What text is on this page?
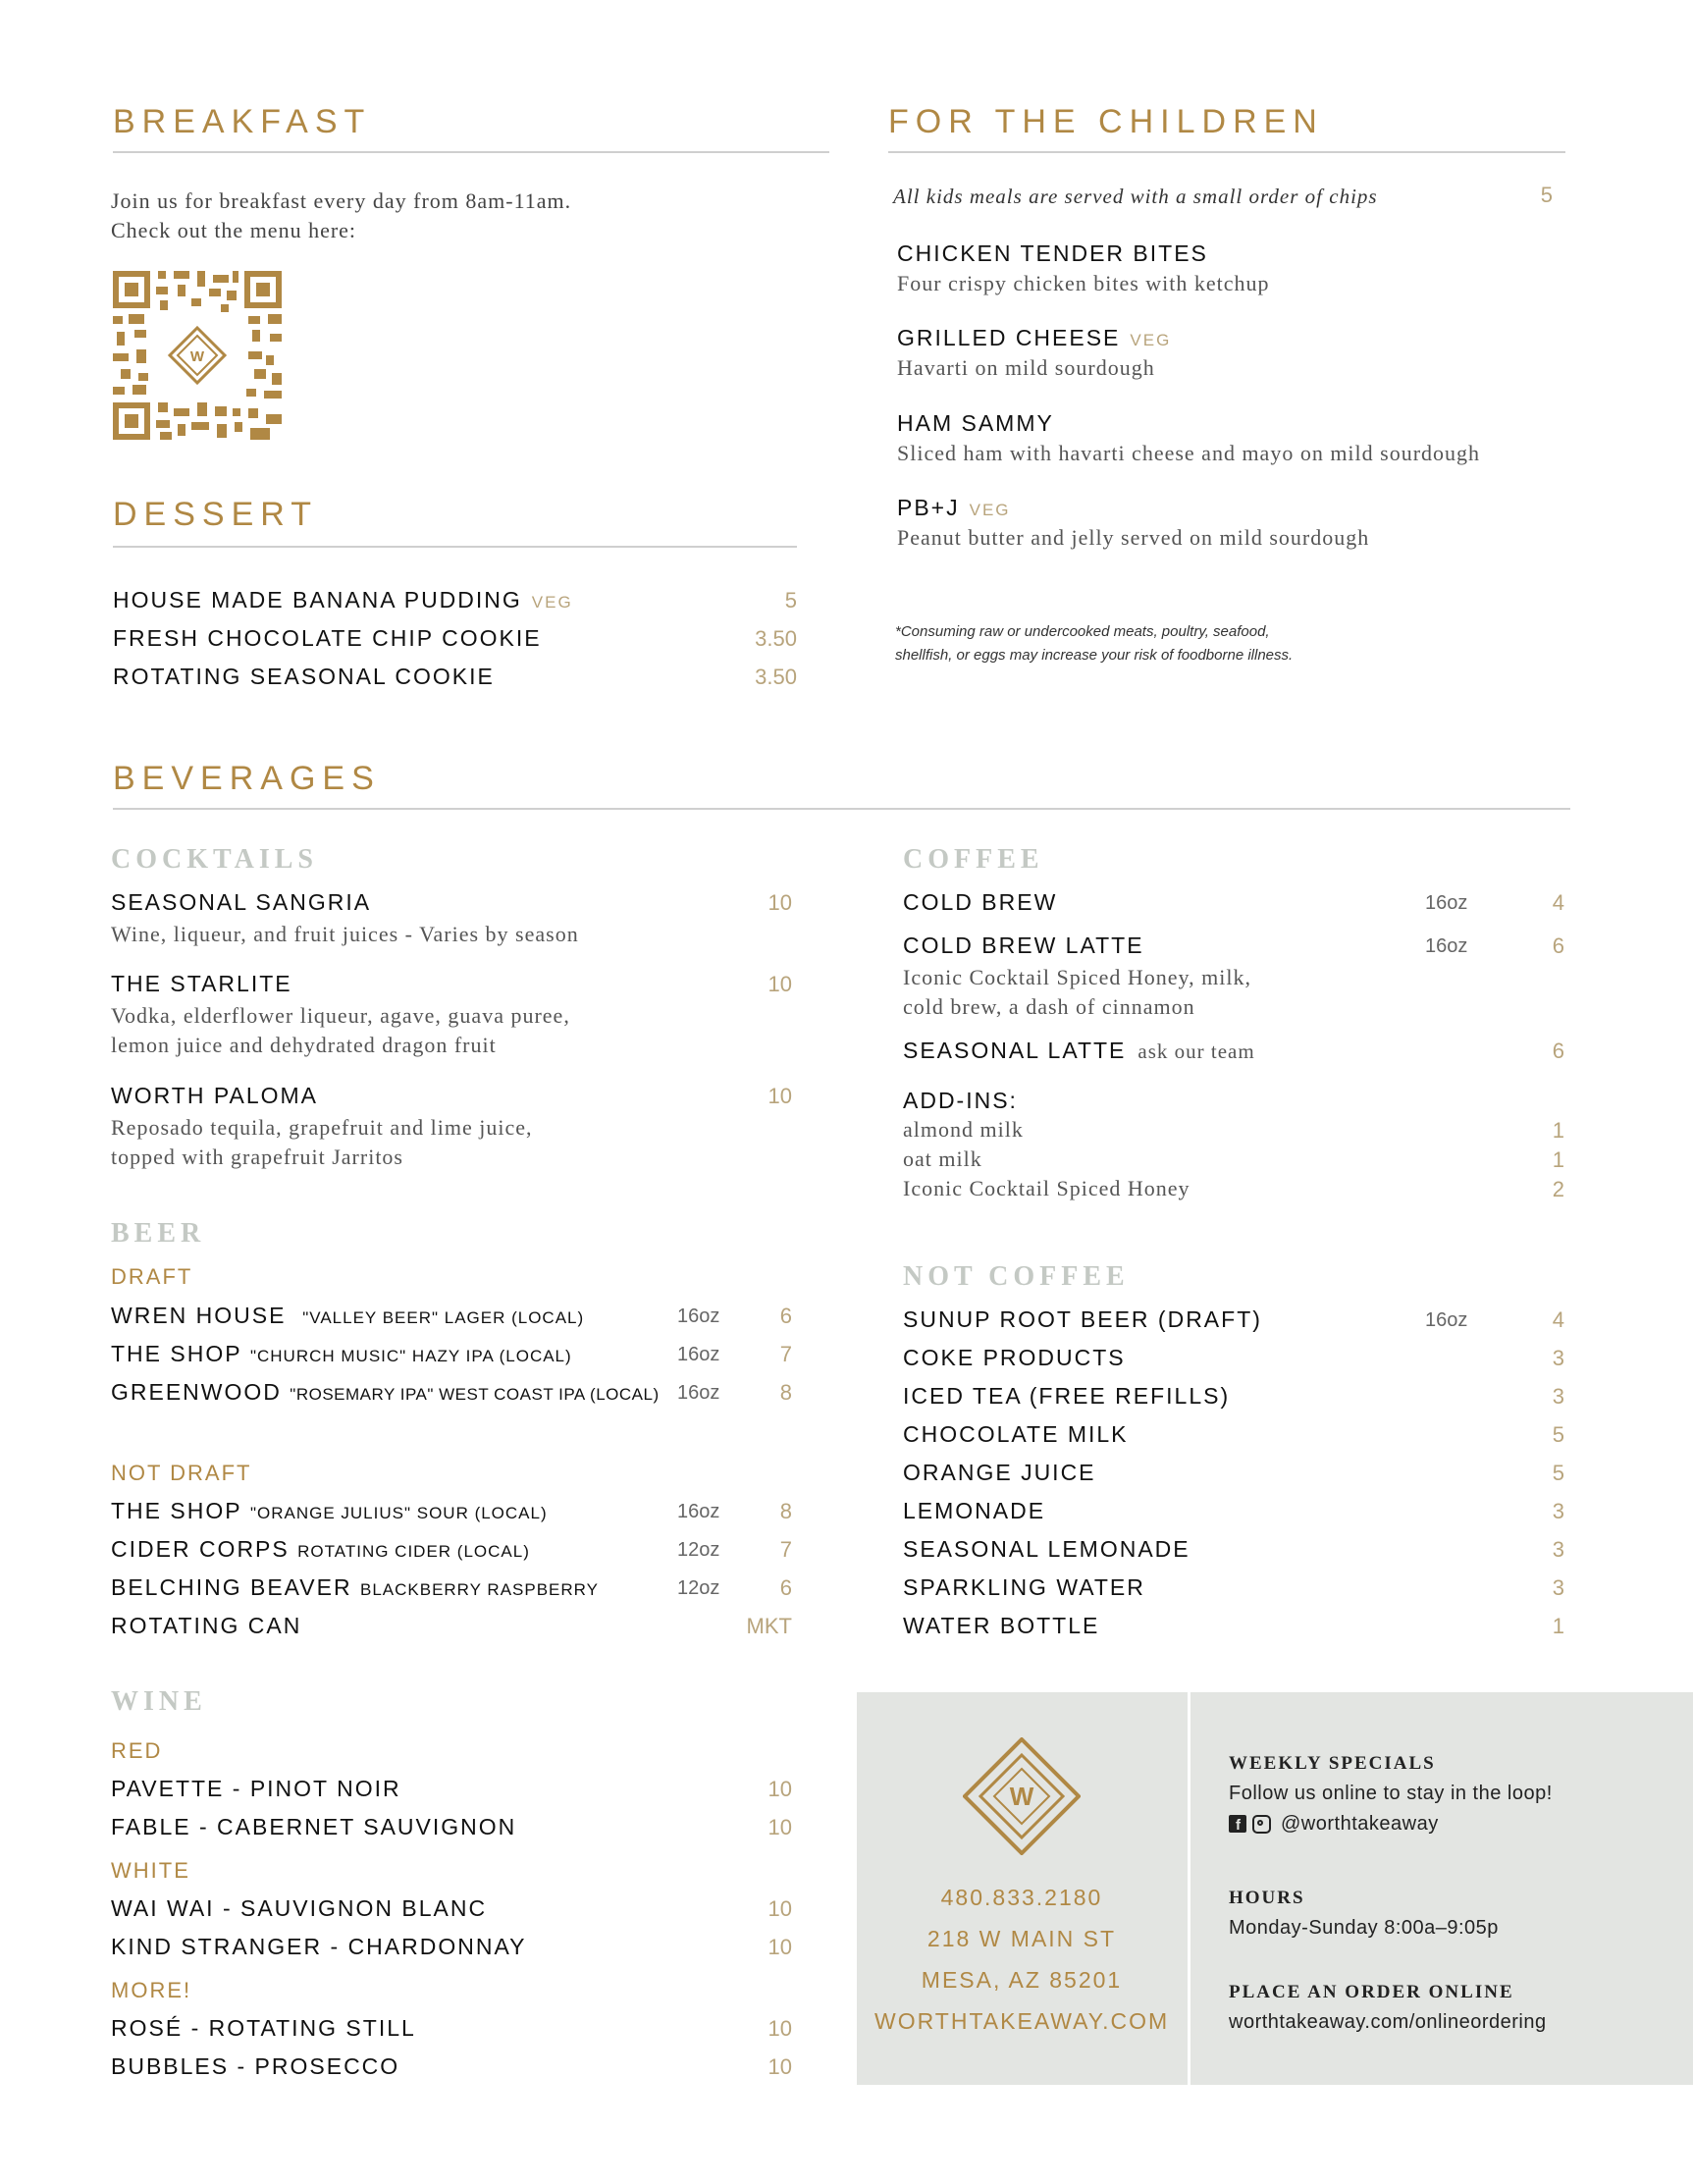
BREAKFAST
Join us for breakfast every day from 8am-11am.
Check out the menu here:
W
DESSERT
HOUSE MADE BANANA PUDDING VEG	5
FRESH CHOCOLATE CHIP COOKIE	3.50
ROTATING SEASONAL COOKIE	3.50
FOR THE CHILDREN
All kids meals are served with a small order of chips	5
CHICKEN TENDER BITES
Four crispy chicken bites with ketchup
GRILLED CHEESE VEG
Havarti on mild sourdough
HAM SAMMY
Sliced ham with havarti cheese and mayo on mild sourdough
PB+J VEG
Peanut butter and jelly served on mild sourdough
*Consuming raw or undercooked meats, poultry, seafood,
shellfish, or eggs may increase your risk of foodborne illness.
BEVERAGES
COCKTAILS
SEASONAL SANGRIA	10
Wine, liqueur, and fruit juices - Varies by season
THE STARLITE	10
Vodka, elderflower liqueur, agave, guava puree,
lemon juice and dehydrated dragon fruit
WORTH PALOMA	10
Reposado tequila, grapefruit and lime juice,
topped with grapefruit Jarritos
BEER
DRAFT
WREN HOUSE "VALLEY BEER" LAGER (LOCAL)	16oz	6
THE SHOP "CHURCH MUSIC" HAZY IPA (LOCAL)	16oz	7
GREENWOOD "ROSEMARY IPA" WEST COAST IPA (LOCAL) 16oz	8
NOT DRAFT
THE SHOP "ORANGE JULIUS" SOUR (LOCAL)	16oz	8
CIDER CORPS ROTATING CIDER (LOCAL)	12oz	7
BELCHING BEAVER BLACKBERRY RASPBERRY	12oz	6
ROTATING CAN	MKT
WINE
RED
PAVETTE - PINOT NOIR	10
FABLE - CABERNET SAUVIGNON	10
WHITE
WAI WAI - SAUVIGNON BLANC	10
KIND STRANGER - CHARDONNAY	10
MORE!
ROSÉ - ROTATING STILL	10
BUBBLES - PROSECCO	10
COFFEE
COLD BREW	16oz	4
COLD BREW LATTE	16oz	6
Iconic Cocktail Spiced Honey, milk,
cold brew, a dash of cinnamon
SEASONAL LATTE ask our team	6
ADD-INS:
almond milk	1
oat milk	1
Iconic Cocktail Spiced Honey	2
NOT COFFEE
SUNUP ROOT BEER (DRAFT)	16oz	4
COKE PRODUCTS	3
ICED TEA (FREE REFILLS)	3
CHOCOLATE MILK	5
ORANGE JUICE	5
LEMONADE	3
SEASONAL LEMONADE	3
SPARKLING WATER	3
WATER BOTTLE	1
W
480.833.2180
218 W MAIN ST
MESA, AZ 85201
WORTHTAKEAWAY.COM
WEEKLY SPECIALS
Follow us online to stay in the loop!
f @worthtakeaway
HOURS
Monday-Sunday 8:00a–9:05p
PLACE AN ORDER ONLINE
worthtakeaway.com/onlineordering
